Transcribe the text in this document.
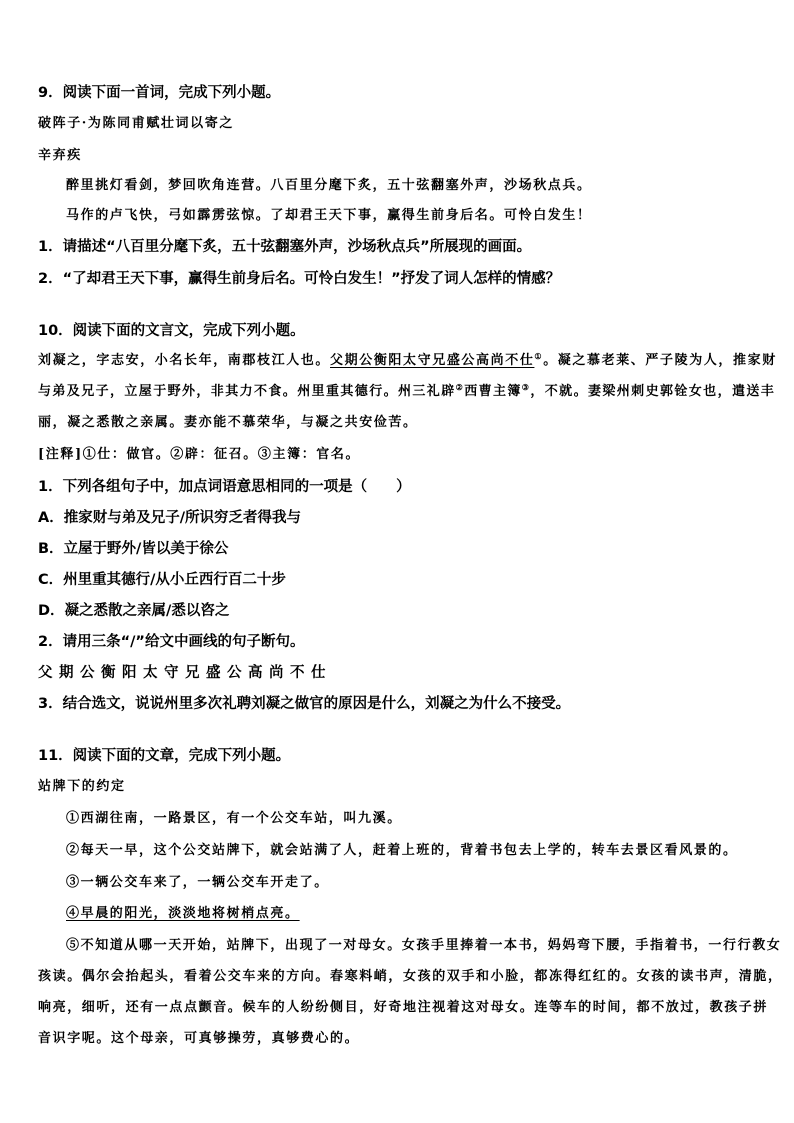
9．阅读下面一首词，完成下列小题。
破阵子·为陈同甫赋壮词以寄之
辛弃疾
醉里挑灯看剑，梦回吹角连营。八百里分麾下炙，五十弦翻塞外声，沙场秋点兵。
马作的卢飞快，弓如霹雳弦惊。了却君王天下事，赢得生前身后名。可怜白发生！
1．请描述“八百里分麾下炙，五十弦翻塞外声，沙场秋点兵”所展现的画面。
2．“了却君王天下事，赢得生前身后名。可怜白发生！”抒发了词人怎样的情感？
10．阅读下面的文言文，完成下列小题。
刘凝之，字志安，小名长年，南郡枝江人也。父期公衡阳太守兄盛公高尚不仕①。凝之慕老莱、严子陵为人，推家财
与弟及兄子，立屋于野外，非其力不食。州里重其德行。州三礼辟②西曹主簿③，不就。妻梁州刺史郭铨女也，遣送丰
丽，凝之悉散之亲属。妻亦能不慕荣华，与凝之共安俭苦。
[注释]①仕：做官。②辟：征召。③主簿：官名。
1．下列各组句子中，加点词语意思相同的一项是（　　）
A．推家财与弟及兄子/所识穷乏者得我与
B．立屋于野外/皆以美于徐公
C．州里重其德行/从小丘西行百二十步
D．凝之悉散之亲属/悉以咨之
2．请用三条“/”给文中画线的句子断句。
父期公衡阳太守兄盛公高尚不仕
3．结合选文，说说州里多次礼聘刘凝之做官的原因是什么，刘凝之为什么不接受。
11．阅读下面的文章，完成下列小题。
站牌下的约定
①西湖往南，一路景区，有一个公交车站，叫九溪。
②每天一早，这个公交站牌下，就会站满了人，赶着上班的，背着书包去上学的，转车去景区看风景的。
③一辆公交车来了，一辆公交车开走了。
④早晨的阳光，淡淡地将树梢点亮。
⑤不知道从哪一天开始，站牌下，出现了一对母女。女孩手里捧着一本书，妈妈弯下腰，手指着书，一行行教女
孩读。偶尔会抬起头，看着公交车来的方向。春寒料峭，女孩的双手和小脸，都冻得红红的。女孩的读书声，清脆，
响亮，细听，还有一点点颤音。候车的人纷纷侧目，好奇地注视着这对母女。连等车的时间，都不放过，教孩子拼
音识字呢。这个母亲，可真够操劳，真够费心的。
